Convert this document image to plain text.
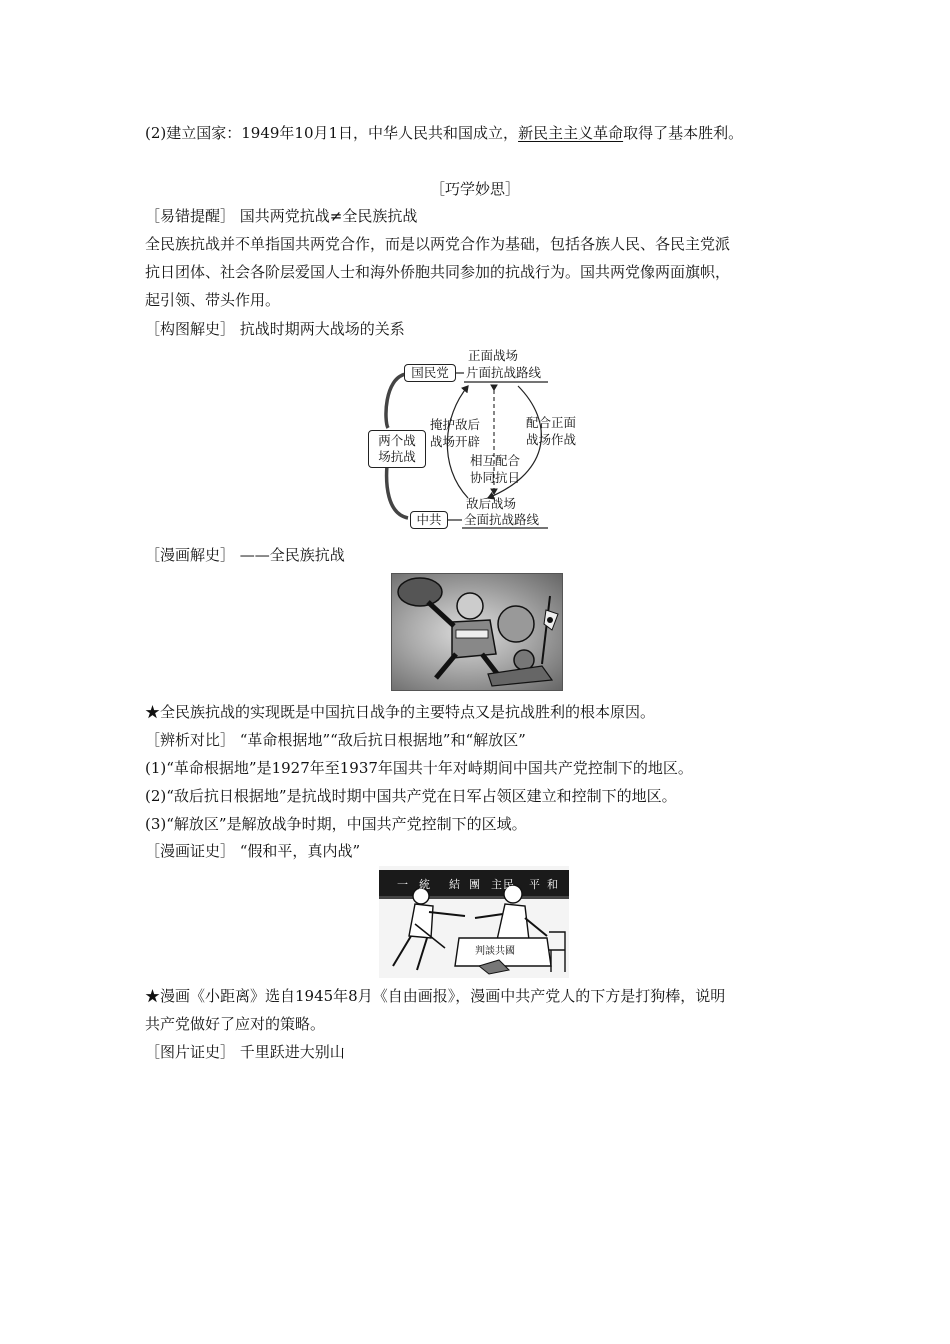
(2)建立国家：1949年10月1日，中华人民共和国成立，新民主主义革命取得了基本胜利。
［巧学妙思］
［易错提醒］ 国共两党抗战≠全民族抗战
全民族抗战并不单指国共两党合作，而是以两党合作为基础，包括各族人民、各民主党派
抗日团体、社会各阶层爱国人士和海外侨胞共同参加的抗战行为。国共两党像两面旗帜，
起引领、带头作用。
［构图解史］ 抗战时期两大战场的关系
国民党
正面战场
片面抗战路线
两个战
场抗战
掩护敌后
战场开辟
配合正面
战场作战
相互配合
协同抗日
敌后战场
中共	全面抗战路线
［漫画解史］ ——全民族抗战
★全民族抗战的实现既是中国抗日战争的主要特点又是抗战胜利的根本原因。
［辨析对比］ “革命根据地”“敌后抗日根据地”和“解放区”
(1)“革命根据地”是1927年至1937年国共十年对峙期间中国共产党控制下的地区。
(2)“敌后抗日根据地”是抗战时期中国共产党在日军占领区建立和控制下的地区。
(3)“解放区”是解放战争时期，中国共产党控制下的区域。
［漫画证史］ “假和平，真内战”
一 統 結 團 主 民 平 和
判談共國
★漫画《小距离》选自1945年8月《自由画报》，漫画中共产党人的下方是打狗棒，说明
共产党做好了应对的策略。
［图片证史］ 千里跃进大别山
